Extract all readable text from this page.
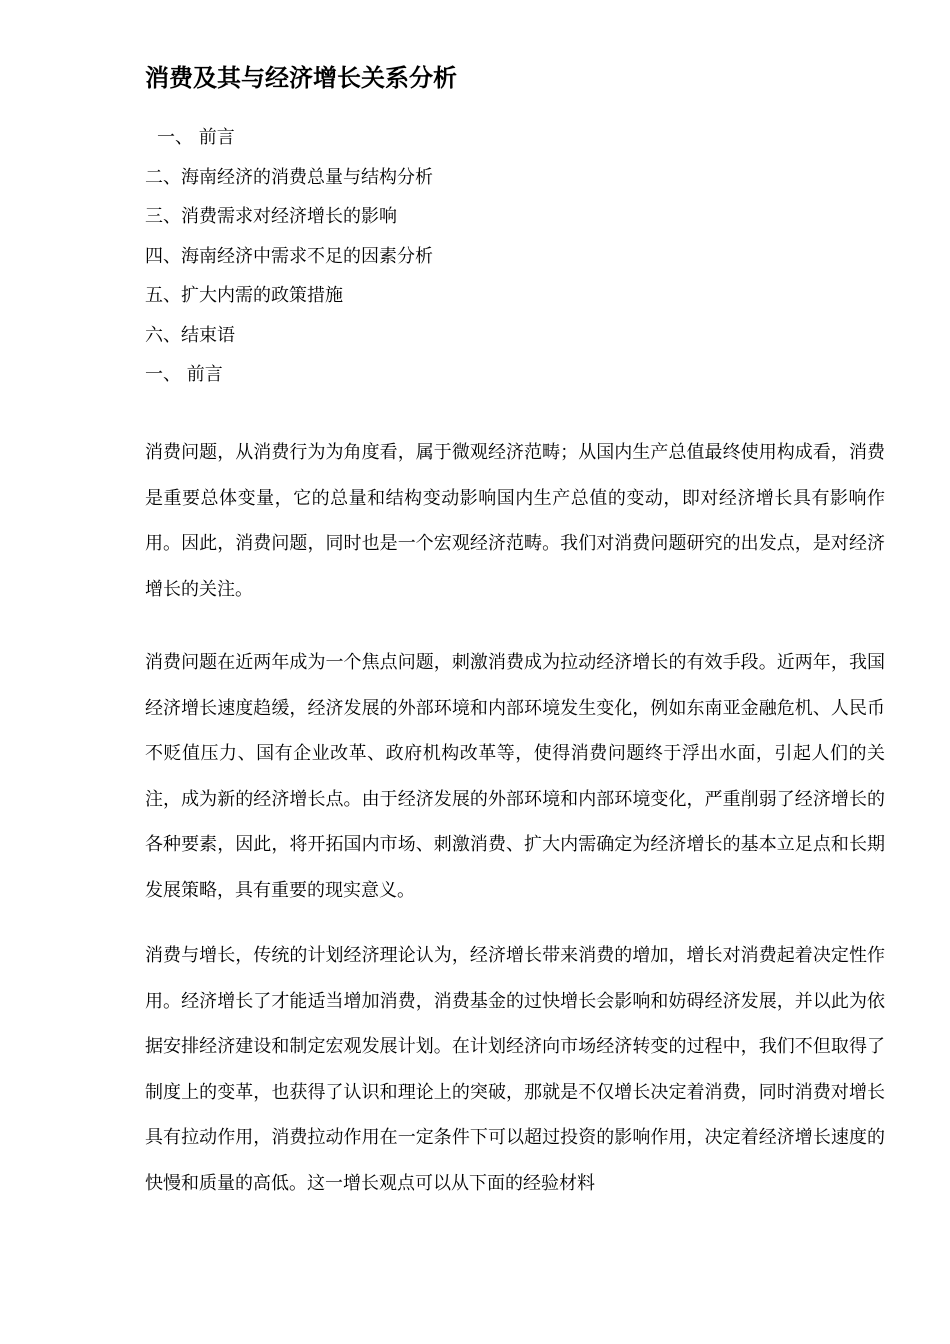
消费及其与经济增长关系分析
一、 前言
二、海南经济的消费总量与结构分析
三、消费需求对经济增长的影响
四、海南经济中需求不足的因素分析
五、扩大内需的政策措施
六、结束语
一、 前言

消费问题，从消费行为为角度看，属于微观经济范畴；从国内生产总值最终使用构成看，消费是重要总体变量，它的总量和结构变动影响国内生产总值的变动，即对经济增长具有影响作用。因此，消费问题，同时也是一个宏观经济范畴。我们对消费问题研究的出发点，是对经济增长的关注。

消费问题在近两年成为一个焦点问题，刺激消费成为拉动经济增长的有效手段。近两年，我国经济增长速度趋缓，经济发展的外部环境和内部环境发生变化，例如东南亚金融危机、人民币不贬值压力、国有企业改革、政府机构改革等，使得消费问题终于浮出水面，引起人们的关注，成为新的经济增长点。由于经济发展的外部环境和内部环境变化，严重削弱了经济增长的各种要素，因此，将开拓国内市场、刺激消费、扩大内需确定为经济增长的基本立足点和长期发展策略，具有重要的现实意义。

消费与增长，传统的计划经济理论认为，经济增长带来消费的增加，增长对消费起着决定性作用。经济增长了才能适当增加消费，消费基金的过快增长会影响和妨碍经济发展，并以此为依据安排经济建设和制定宏观发展计划。在计划经济向市场经济转变的过程中，我们不但取得了制度上的变革，也获得了认识和理论上的突破，那就是不仅增长决定着消费，同时消费对增长具有拉动作用，消费拉动作用在一定条件下可以超过投资的影响作用，决定着经济增长速度的快慢和质量的高低。这一增长观点可以从下面的经验材料
